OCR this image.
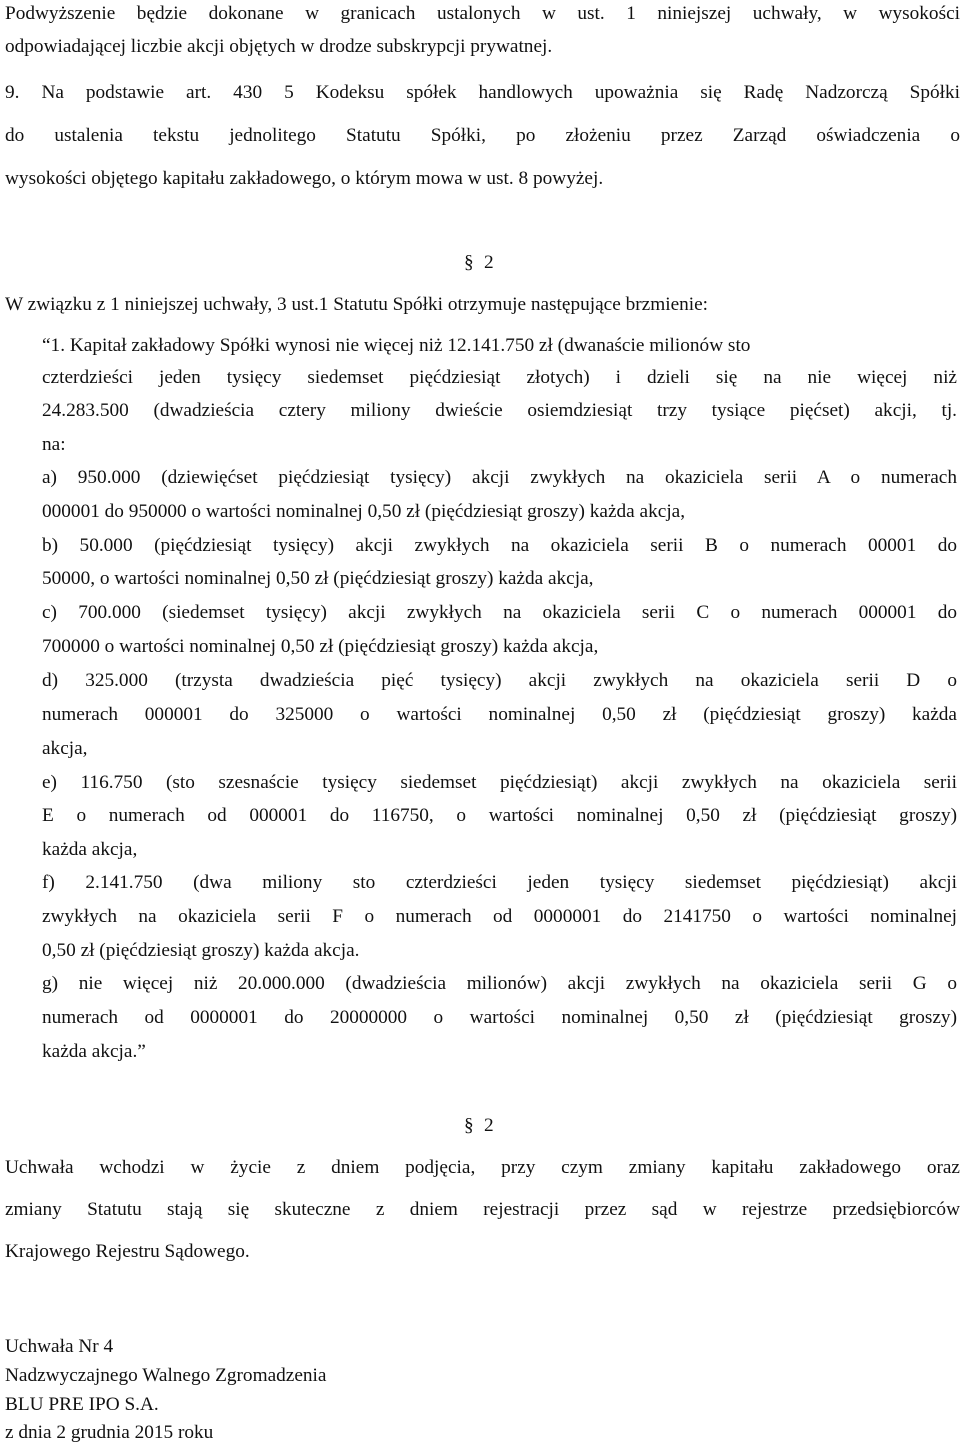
Podwyższenie będzie dokonane w granicach ustalonych w ust. 1 niniejszej uchwały, w wysokości
odpowiadającej liczbie akcji objętych w drodze subskrypcji prywatnej.
9. Na podstawie art. 430 5 Kodeksu spółek handlowych upoważnia się Radę Nadzorczą Spółki
do ustalenia tekstu jednolitego Statutu Spółki, po złożeniu przez Zarząd oświadczenia o
wysokości objętego kapitału zakładowego, o którym mowa w ust. 8 powyżej.
§ 2
W związku z 1 niniejszej uchwały, 3 ust.1 Statutu Spółki otrzymuje następujące brzmienie:
“1. Kapitał zakładowy Spółki wynosi nie więcej niż 12.141.750 zł (dwanaście milionów sto
czterdzieści jeden tysięcy siedemset pięćdziesiąt złotych) i dzieli się na nie więcej niż
24.283.500 (dwadzieścia cztery miliony dwieście osiemdziesiąt trzy tysiące pięćset) akcji, tj.
na:
a) 950.000 (dziewięćset pięćdziesiąt tysięcy) akcji zwykłych na okaziciela serii A o numerach
000001 do 950000 o wartości nominalnej 0,50 zł (pięćdziesiąt groszy) każda akcja,
b) 50.000 (pięćdziesiąt tysięcy) akcji zwykłych na okaziciela serii B o numerach 00001 do
50000, o wartości nominalnej 0,50 zł (pięćdziesiąt groszy) każda akcja,
c) 700.000 (siedemset tysięcy) akcji zwykłych na okaziciela serii C o numerach 000001 do
700000 o wartości nominalnej 0,50 zł (pięćdziesiąt groszy) każda akcja,
d) 325.000 (trzysta dwadzieścia pięć tysięcy) akcji zwykłych na okaziciela serii D o
numerach 000001 do 325000 o wartości nominalnej 0,50 zł (pięćdziesiąt groszy) każda
akcja,
e) 116.750 (sto szesnaście tysięcy siedemset pięćdziesiąt) akcji zwykłych na okaziciela serii
E o numerach od 000001 do 116750, o wartości nominalnej 0,50 zł (pięćdziesiąt groszy)
każda akcja,
f) 2.141.750 (dwa miliony sto czterdzieści jeden tysięcy siedemset pięćdziesiąt) akcji
zwykłych na okaziciela serii F o numerach od 0000001 do 2141750 o wartości nominalnej
0,50 zł (pięćdziesiąt groszy) każda akcja.
g) nie więcej niż 20.000.000 (dwadzieścia milionów) akcji zwykłych na okaziciela serii G o
numerach od 0000001 do 20000000 o wartości nominalnej 0,50 zł (pięćdziesiąt groszy)
każda akcja.”
§ 2
Uchwała wchodzi w życie z dniem podjęcia, przy czym zmiany kapitału zakładowego oraz
zmiany Statutu stają się skuteczne z dniem rejestracji przez sąd w rejestrze przedsiębiorców
Krajowego Rejestru Sądowego.
Uchwała Nr 4
Nadzwyczajnego Walnego Zgromadzenia
BLU PRE IPO S.A.
z dnia 2 grudnia 2015 roku
